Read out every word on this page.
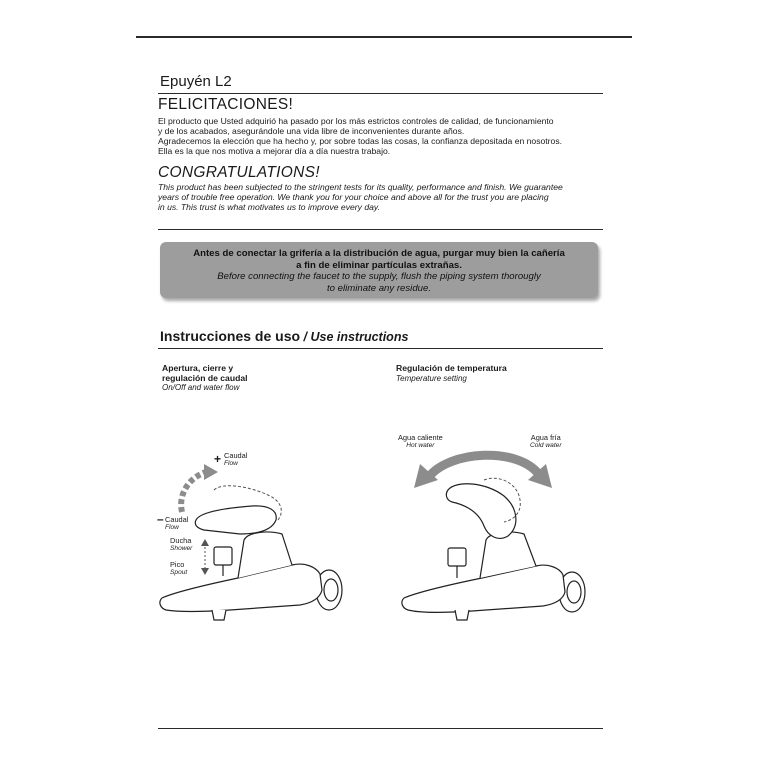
Epuyén L2
FELICITACIONES!
El producto que Usted adquirió ha pasado por los más estrictos controles de calidad, de funcionamiento
y de los acabados, asegurándole una vida libre de inconvenientes durante años.
Agradecemos la elección que ha hecho y, por sobre todas las cosas, la confianza depositada en nosotros.
Ella es la que nos motiva a mejorar día a día nuestra trabajo.
CONGRATULATIONS!
This product has been subjected to the stringent tests for its quality, performance and finish. We guarantee
years of trouble free operation. We thank you for your choice and above all for the trust you are placing
in us. This trust is what motivates us to improve every day.
Antes de conectar la grifería a la distribución de agua, purgar muy bien la cañería
a fin de eliminar partículas extrañas.
Before connecting the faucet to the supply, flush the piping system thorougly
to eliminate any residue.
Instrucciones de uso / Use instructions
Apertura, cierre y
regulación de caudal
On/Off and water flow
Regulación de temperatura
Temperature setting
+ Caudal
Flow
– Caudal
Flow
Ducha
Shower
Pico
Spout
Agua caliente
Hot water
Agua fría
Cold water
